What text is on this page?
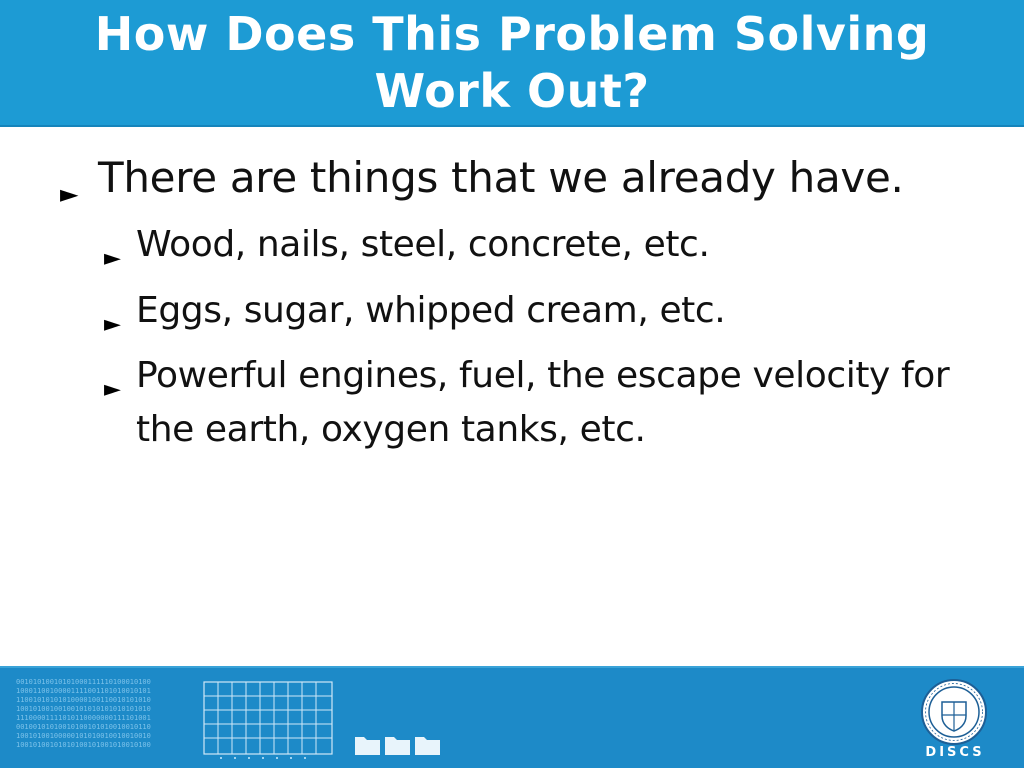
How Does This Problem Solving
Work Out?
► There are things that we already have.
► Wood, nails, steel, concrete, etc.
► Eggs, sugar, whipped cream, etc.
► Powerful engines, fuel, the escape velocity for the earth, oxygen tanks, etc.
00101010010101000111110100010100
10001100100001111001101010010101
11001010101010000100110010101010
10010100100100101010101010101010
11100001111010110000000111101001
00100101010010100101010010010110
10010100100000101010010010010010
10010100101010100101001010010100	DISCS
